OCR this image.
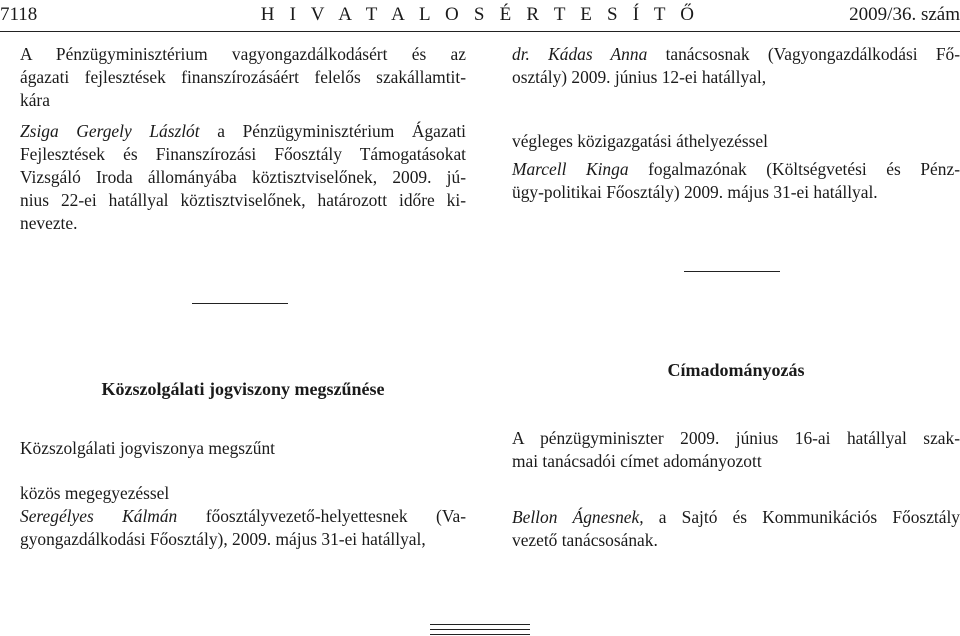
7118	H I V A T A L O S É R T E S Í T Ő	2009/36. szám

A Pénzügyminisztérium vagyongazdálkodásért és az

ágazati fejlesztések finanszírozásáért felelős szakállamtit-

kára

Zsiga Gergely Lászlót a Pénzügyminisztérium Ágazati

Fejlesztések és Finanszírozási Főosztály Támogatásokat

Vizsgáló Iroda állományába köztisztviselőnek, 2009. jú-

nius 22-ei hatállyal köztisztviselőnek, határozott időre ki-

nevezte.

Közszolgálati jogviszony megszűnése
Közszolgálati jogviszonya megszűnt

közös megegyezéssel

Seregélyes Kálmán főosztályvezető-helyettesnek (Va-

gyongazdálkodási Főosztály), 2009. május 31-ei hatállyal,

dr. Kádas Anna tanácsosnak (Vagyongazdálkodási Fő-

osztály) 2009. június 12-ei hatállyal,

végleges közigazgatási áthelyezéssel

Marcell Kinga fogalmazónak (Költségvetési és Pénz-

ügy-politikai Főosztály) 2009. május 31-ei hatállyal.

Címadományozás

A pénzügyminiszter 2009. június 16-ai hatállyal szak-

mai tanácsadói címet adományozott

Bellon Ágnesnek, a Sajtó és Kommunikációs Főosztály

vezető tanácsosának.
